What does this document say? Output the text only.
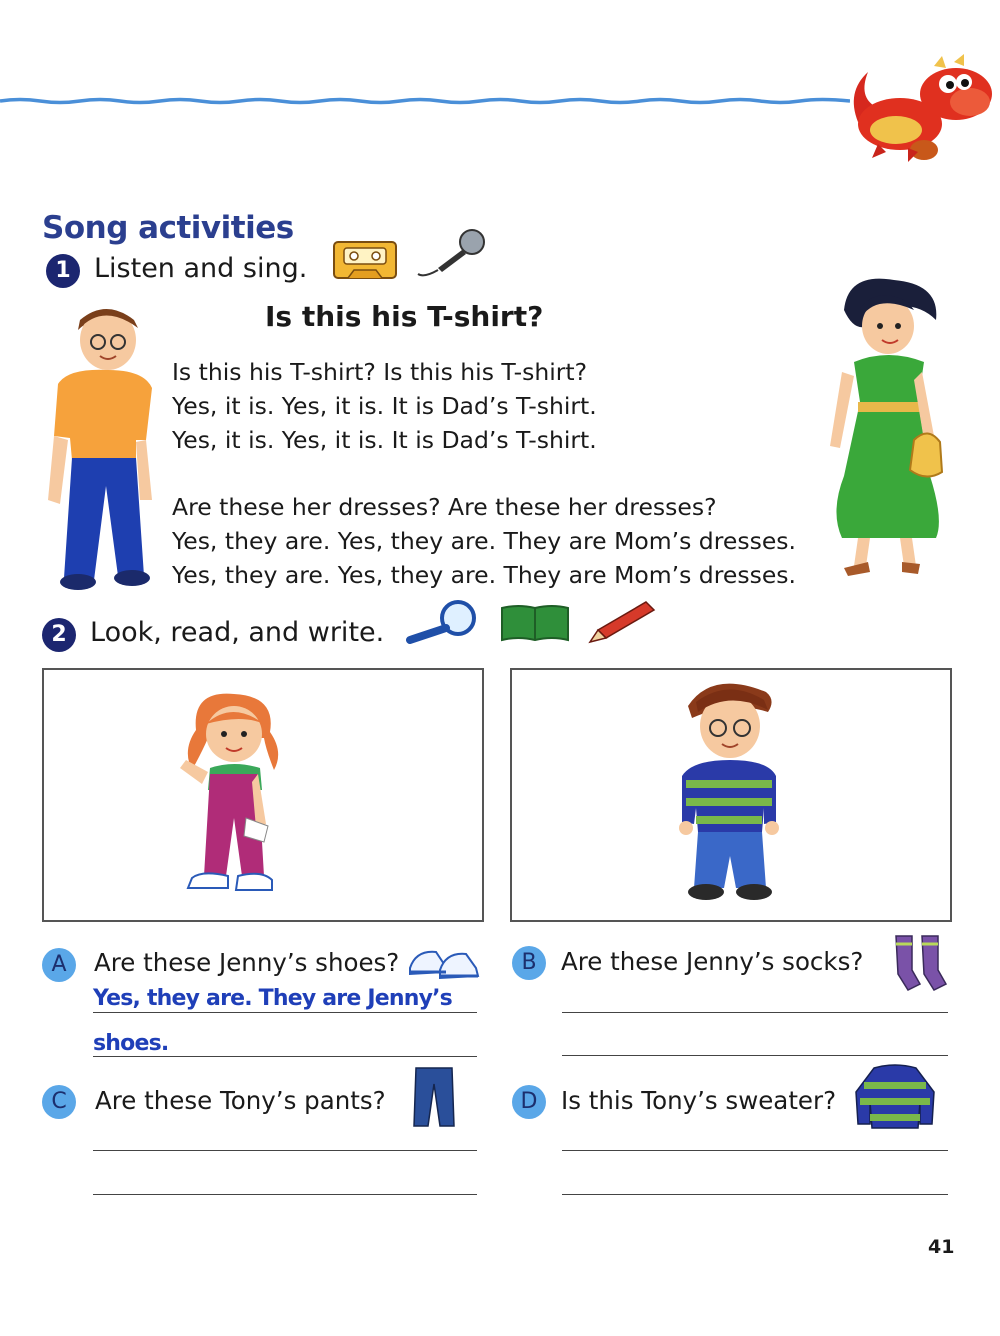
Song activities
1 Listen and sing.
Is this his T-shirt?
Is this his T-shirt? Is this his T-shirt?
Yes, it is. Yes, it is. It is Dad’s T-shirt.
Yes, it is. Yes, it is. It is Dad’s T-shirt.
Are these her dresses? Are these her dresses?
Yes, they are. Yes, they are. They are Mom’s dresses.
Yes, they are. Yes, they are. They are Mom’s dresses.
2 Look, read, and write.
A	Are these Jenny’s shoes?
Yes, they are. They are Jenny’s
shoes.
B Are these Jenny’s socks?
C	Are these Tony’s pants?	D Is this Tony’s sweater?
41
